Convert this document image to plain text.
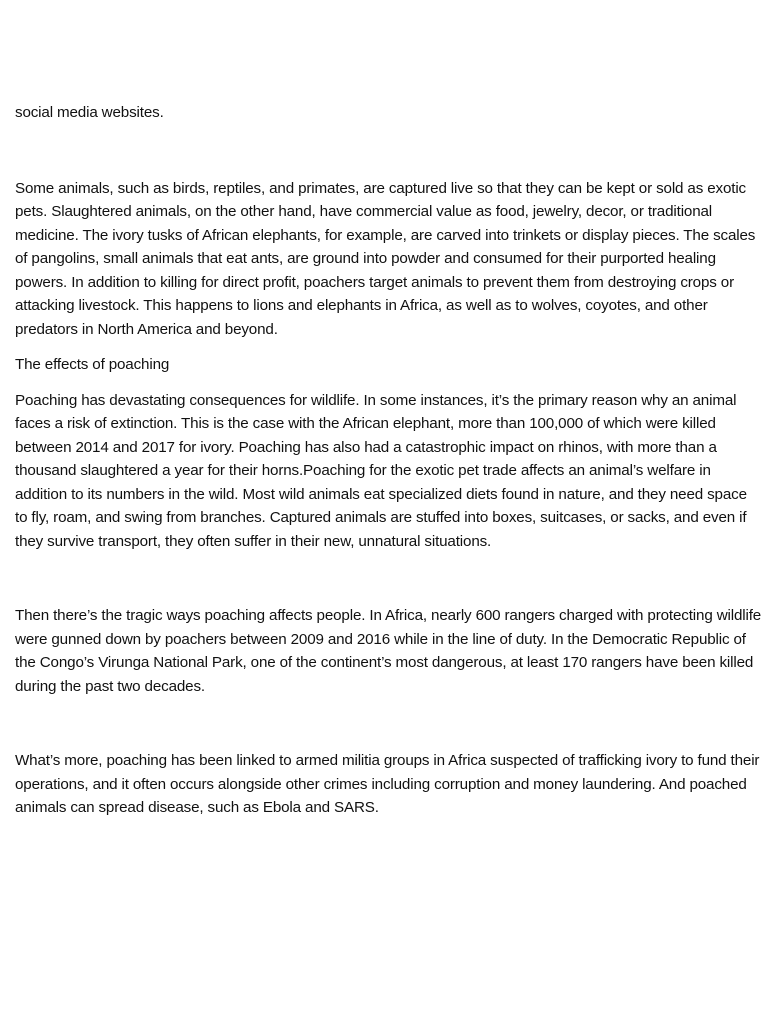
social media websites.

Some animals, such as birds, reptiles, and primates, are captured live so that they can be kept or sold as exotic pets. Slaughtered animals, on the other hand, have commercial value as food, jewelry, decor, or traditional medicine. The ivory tusks of African elephants, for example, are carved into trinkets or display pieces. The scales of pangolins, small animals that eat ants, are ground into powder and consumed for their purported healing powers. In addition to killing for direct profit, poachers target animals to prevent them from destroying crops or attacking livestock. This happens to lions and elephants in Africa, as well as to wolves, coyotes, and other predators in North America and beyond.

The effects of poaching

Poaching has devastating consequences for wildlife. In some instances, it’s the primary reason why an animal faces a risk of extinction. This is the case with the African elephant, more than 100,000 of which were killed between 2014 and 2017 for ivory. Poaching has also had a catastrophic impact on rhinos, with more than a thousand slaughtered a year for their horns.Poaching for the exotic pet trade affects an animal’s welfare in addition to its numbers in the wild. Most wild animals eat specialized diets found in nature, and they need space to fly, roam, and swing from branches. Captured animals are stuffed into boxes, suitcases, or sacks, and even if they survive transport, they often suffer in their new, unnatural situations.

Then there’s the tragic ways poaching affects people. In Africa, nearly 600 rangers charged with protecting wildlife were gunned down by poachers between 2009 and 2016 while in the line of duty. In the Democratic Republic of the Congo’s Virunga National Park, one of the continent’s most dangerous, at least 170 rangers have been killed during the past two decades.

What’s more, poaching has been linked to armed militia groups in Africa suspected of trafficking ivory to fund their operations, and it often occurs alongside other crimes including corruption and money laundering. And poached animals can spread disease, such as Ebola and SARS.
